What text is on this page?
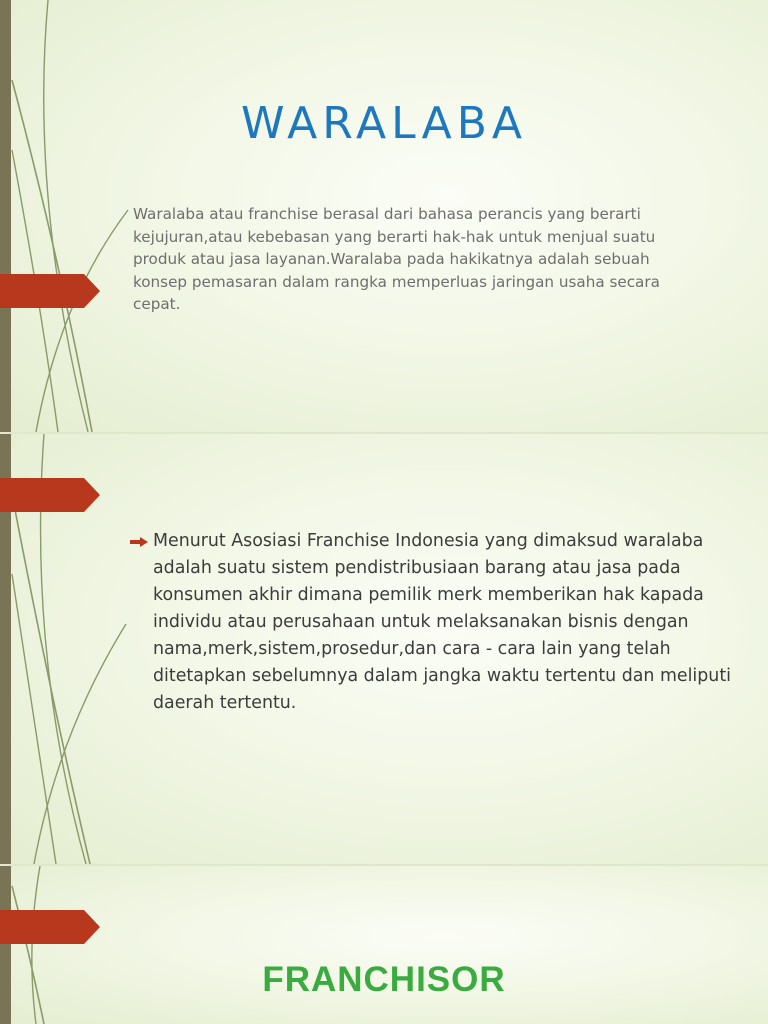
WARALABA

Waralaba atau franchise berasal dari bahasa perancis yang berarti kejujuran,atau kebebasan yang berarti hak-hak untuk menjual suatu produk atau jasa layanan.Waralaba pada hakikatnya adalah sebuah konsep pemasaran dalam rangka memperluas jaringan usaha secara cepat.

Menurut Asosiasi Franchise Indonesia yang dimaksud waralaba adalah suatu sistem pendistribusiaan barang atau jasa pada konsumen akhir dimana pemilik merk memberikan hak kapada individu atau perusahaan untuk melaksanakan bisnis dengan nama,merk,sistem,prosedur,dan cara - cara lain yang telah ditetapkan sebelumnya dalam jangka waktu tertentu dan meliputi daerah tertentu.

FRANCHISOR
